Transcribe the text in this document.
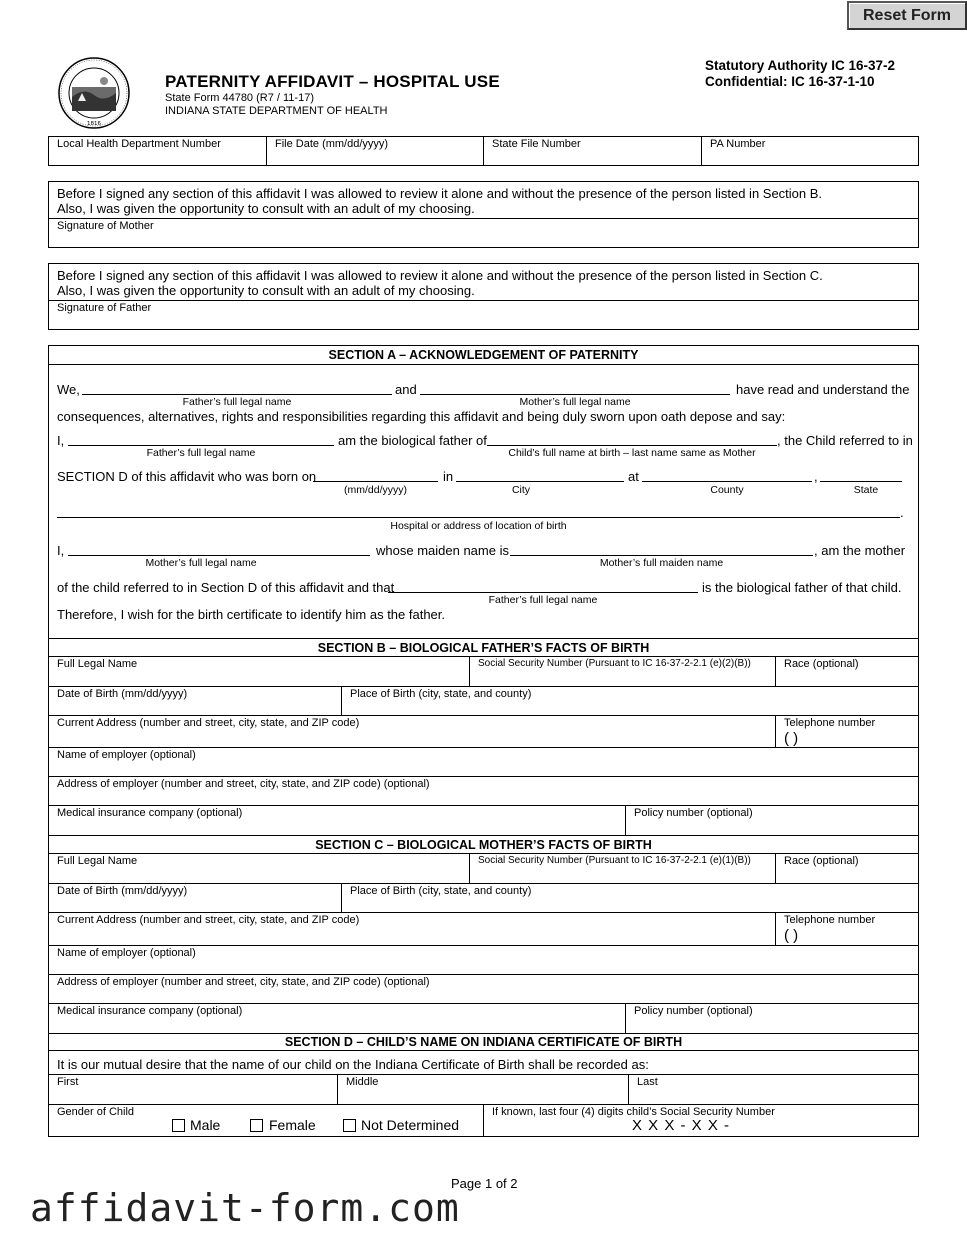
Reset Form
1816
PATERNITY AFFIDAVIT – HOSPITAL USE
State Form 44780 (R7 / 11-17)
INDIANA STATE DEPARTMENT OF HEALTH
Statutory Authority IC 16-37-2
Confidential: IC 16-37-1-10
Local Health Department Number	File Date (mm/dd/yyyy)	State File Number	PA Number
Before I signed any section of this affidavit I was allowed to review it alone and without the presence of the person listed in Section B.
Also, I was given the opportunity to consult with an adult of my choosing.
Signature of Mother
Before I signed any section of this affidavit I was allowed to review it alone and without the presence of the person listed in Section C.
Also, I was given the opportunity to consult with an adult of my choosing.
Signature of Father
SECTION A – ACKNOWLEDGEMENT OF PATERNITY
We,	and	have read and understand the
Father’s full legal name	Mother’s full legal name
consequences, alternatives, rights and responsibilities regarding this affidavit and being duly sworn upon oath depose and say:
I,	am the biological father of	, the Child referred to in
Father’s full legal name	Child’s full name at birth – last name same as Mother
SECTION D of this affidavit who was born on	in	at	,
(mm/dd/yyyy)	City	County	State
.
Hospital or address of location of birth
I,	whose maiden name is	, am the mother
Mother’s full legal name	Mother’s full maiden name
of the child referred to in Section D of this affidavit and that	is the biological father of that child.
Father’s full legal name
Therefore, I wish for the birth certificate to identify him as the father.
SECTION B – BIOLOGICAL FATHER’S FACTS OF BIRTH
Full Legal Name	Social Security Number (Pursuant to IC 16-37-2-2.1 (e)(2)(B))	Race (optional)
Date of Birth (mm/dd/yyyy)	Place of Birth (city, state, and county)
Current Address (number and street, city, state, and ZIP code)	Telephone number
( )
Name of employer (optional)
Address of employer (number and street, city, state, and ZIP code) (optional)
Medical insurance company (optional)	Policy number (optional)
SECTION C – BIOLOGICAL MOTHER’S FACTS OF BIRTH
Full Legal Name	Social Security Number (Pursuant to IC 16-37-2-2.1 (e)(1)(B))	Race (optional)
Date of Birth (mm/dd/yyyy)	Place of Birth (city, state, and county)
Current Address (number and street, city, state, and ZIP code)	Telephone number
( )
Name of employer (optional)
Address of employer (number and street, city, state, and ZIP code) (optional)
Medical insurance company (optional)	Policy number (optional)
SECTION D – CHILD’S NAME ON INDIANA CERTIFICATE OF BIRTH
It is our mutual desire that the name of our child on the Indiana Certificate of Birth shall be recorded as:
First	Middle	Last
Gender of Child
Male	Female	Not Determined
If known, last four (4) digits child’s Social Security Number
X X X - X X -
Page 1 of 2
affidavit-form.com
